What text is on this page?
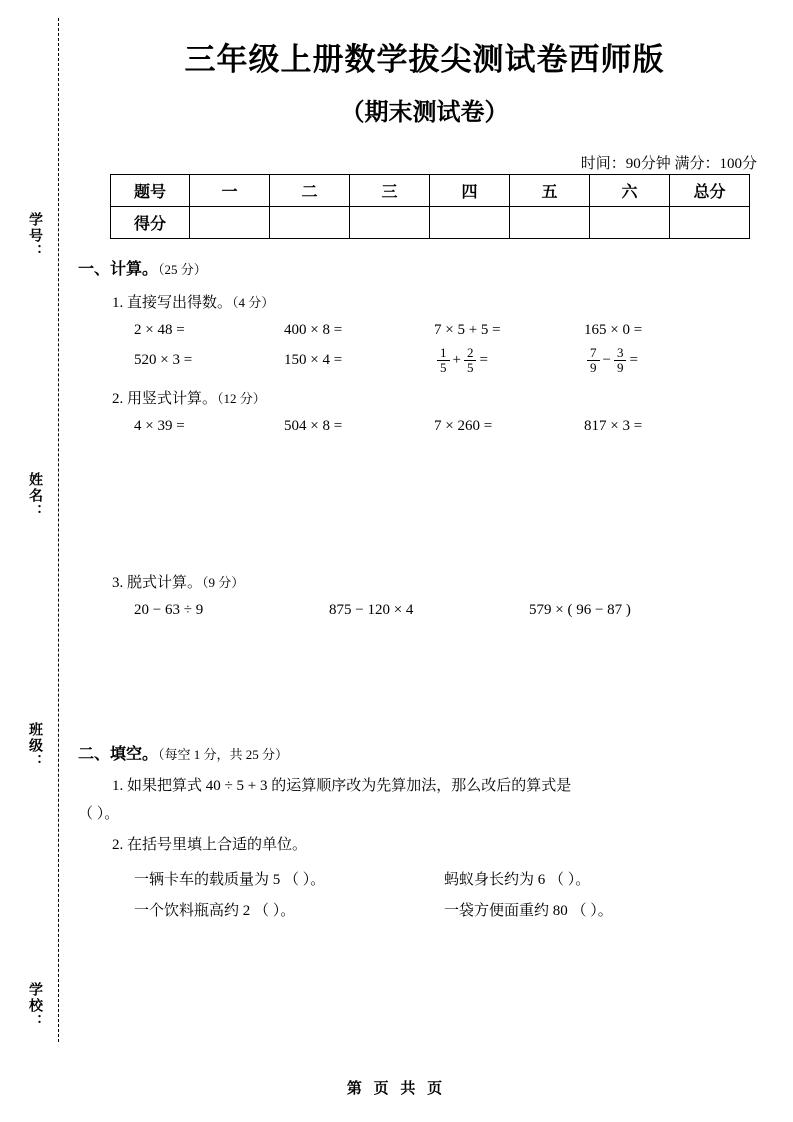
学号：
姓名：
班级：
学校：
三年级上册数学拔尖测试卷西师版
（期末测试卷）
时间：90分钟 满分：100分
题号	一	二	三	四	五	六	总分
得分							
一、计算。（25 分）
1. 直接写出得数。（4 分）
2 × 48 =	400 × 8 =	7 × 5 + 5 =	165 × 0 =
520 × 3 =	150 × 4 =	$\frac{1}{5} + \frac{2}{5}$ =	$\frac{7}{9} - \frac{3}{9}$ =
2. 用竖式计算。（12 分）
4 × 39 =	504 × 8 =	7 × 260 =	817 × 3 =
3. 脱式计算。（9 分）
20 − 63 ÷ 9	875 − 120 × 4	579 × ( 96 − 87 )
二、填空。（每空 1 分，共 25 分）
1. 如果把算式 40 ÷ 5 + 3 的运算顺序改为先算加法，那么改后的算式是
（ ）。
2. 在括号里填上合适的单位。
一辆卡车的载质量为 5 （ ）。	蚂蚁身长约为 6 （ ）。
一个饮料瓶高约 2 （ ）。	一袋方便面重约 80 （ ）。
第 页 共 页
